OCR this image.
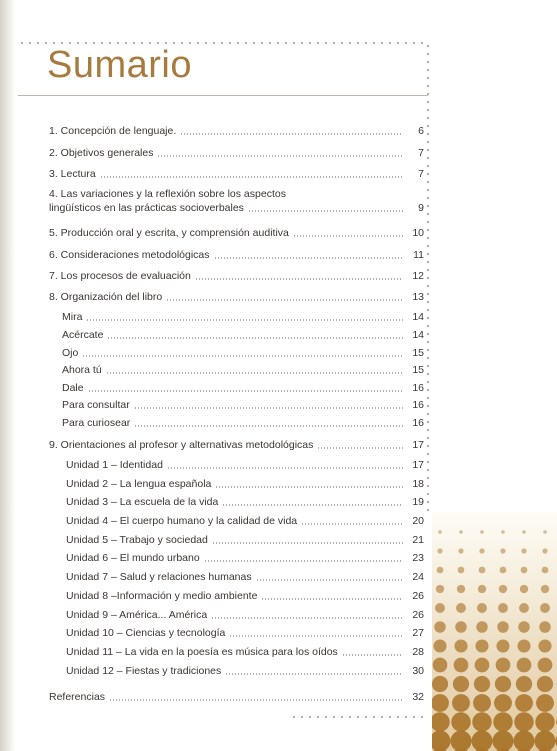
Sumario
1. Concepción de lenguaje.	6
2. Objetivos generales	7
3. Lectura	7
4. Las variaciones y la reflexión sobre los aspectos
lingüísticos en las prácticas socioverbales	9
5. Producción oral y escrita, y comprensión auditiva	10
6. Consideraciones metodológicas	11
7. Los procesos de evaluación	12
8. Organización del libro	13
Mira	14
Acércate	14
Ojo	15
Ahora tú	15
Dale	16
Para consultar	16
Para curiosear	16
9. Orientaciones al profesor y alternativas metodológicas	17
Unidad 1 – Identidad	17
Unidad 2 – La lengua española	18
Unidad 3 – La escuela de la vida	19
Unidad 4 – El cuerpo humano y la calidad de vida	20
Unidad 5 – Trabajo y sociedad	21
Unidad 6 – El mundo urbano	23
Unidad 7 – Salud y relaciones humanas	24
Unidad 8 –Información y medio ambiente	26
Unidad 9 – América... América	26
Unidad 10 – Ciencias y tecnología	27
Unidad 11 – La vida en la poesía es música para los oídos	28
Unidad 12 – Fiestas y tradiciones	30
Referencias	32
